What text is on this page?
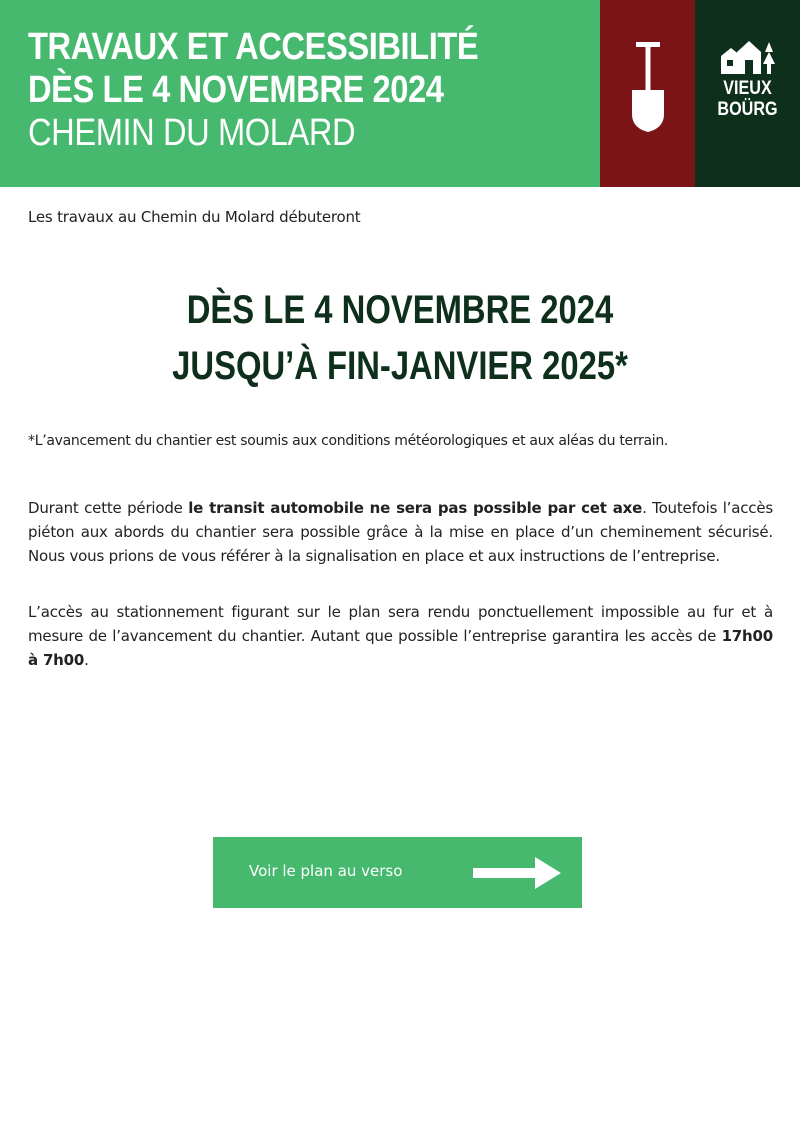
TRAVAUX ET ACCESSIBILITÉ
DÈS LE 4 NOVEMBRE 2024
CHEMIN DU MOLARD
VIEUX
BOÜRG
Les travaux au Chemin du Molard débuteront
DÈS LE 4 NOVEMBRE 2024
JUSQU’À FIN-JANVIER 2025*
*L’avancement du chantier est soumis aux conditions météorologiques et aux aléas du terrain.

Durant cette période le transit automobile ne sera pas possible par cet axe. Toutefois l’accès piéton aux abords du chantier sera possible grâce à la mise en place d’un cheminement sécurisé. Nous vous prions de vous référer à la signalisation en place et aux instructions de l’entreprise.

L’accès au stationnement figurant sur le plan sera rendu ponctuellement impossible au fur et à mesure de l’avancement du chantier. Autant que possible l’entreprise garantira les accès de 17h00 à 7h00.

Voir le plan au verso
